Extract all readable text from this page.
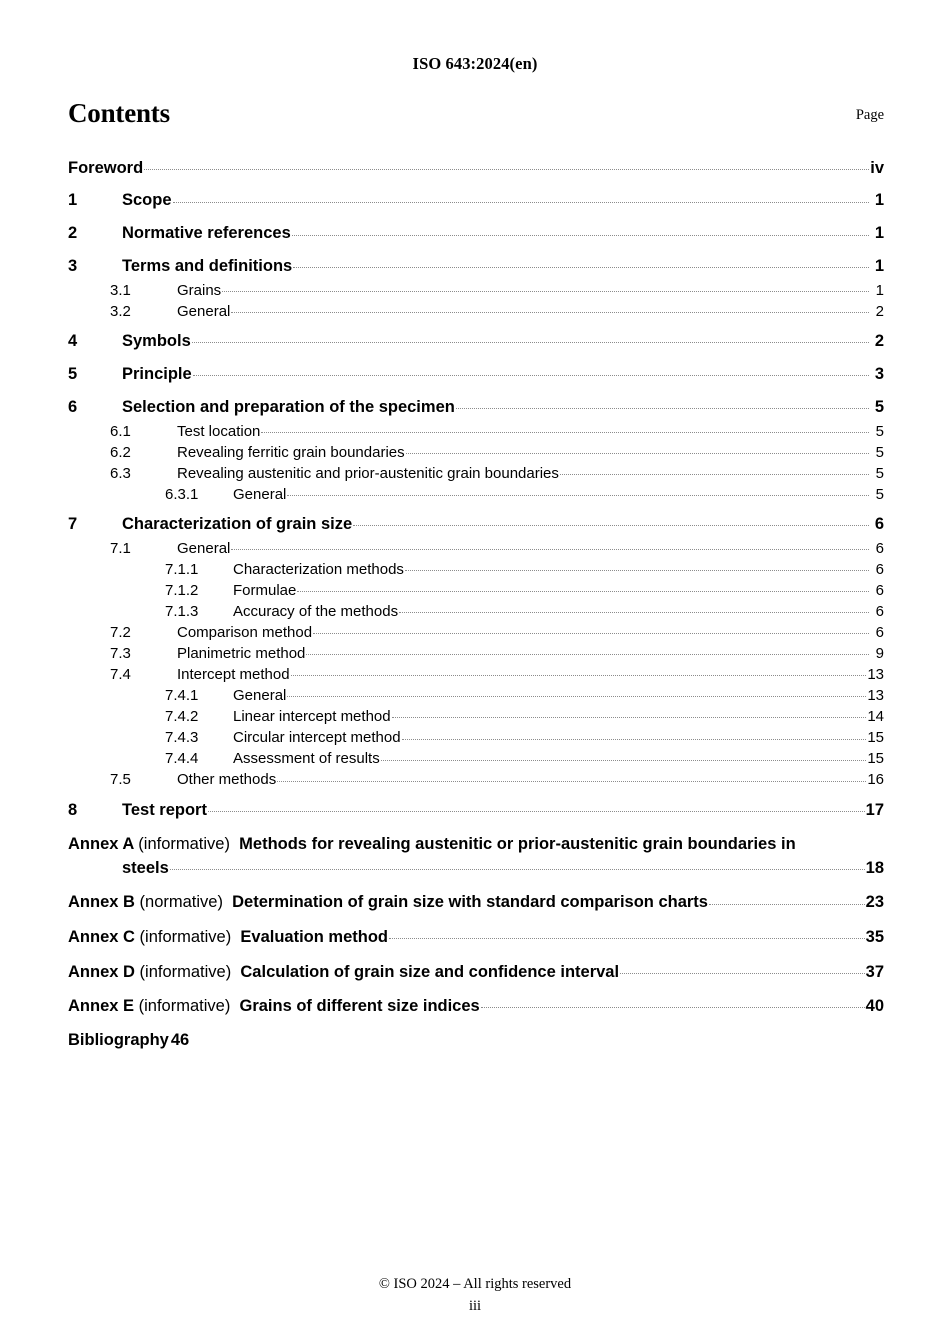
ISO 643:2024(en)
Contents	Page
Foreword	iv
1	Scope	1
2	Normative references	1
3	Terms and definitions	1
3.1	Grains	1
3.2	General	2
4	Symbols	2
5	Principle	3
6	Selection and preparation of the specimen	5
6.1	Test location	5
6.2	Revealing ferritic grain boundaries	5
6.3	Revealing austenitic and prior-austenitic grain boundaries	5
6.3.1	General	5
7	Characterization of grain size	6
7.1	General	6
7.1.1	Characterization methods	6
7.1.2	Formulae	6
7.1.3	Accuracy of the methods	6
7.2	Comparison method	6
7.3	Planimetric method	9
7.4	Intercept method	13
7.4.1	General	13
7.4.2	Linear intercept method	14
7.4.3	Circular intercept method	15
7.4.4	Assessment of results	15
7.5	Other methods	16
8	Test report	17
Annex A (informative) Methods for revealing austenitic or prior-austenitic grain boundaries in
steels	18
Annex B (normative) Determination of grain size with standard comparison charts	23
Annex C (informative) Evaluation method	35
Annex D (informative) Calculation of grain size and confidence interval	37
Annex E (informative) Grains of different size indices	40
Bibliography 46
© ISO 2024 – All rights reserved
iii
